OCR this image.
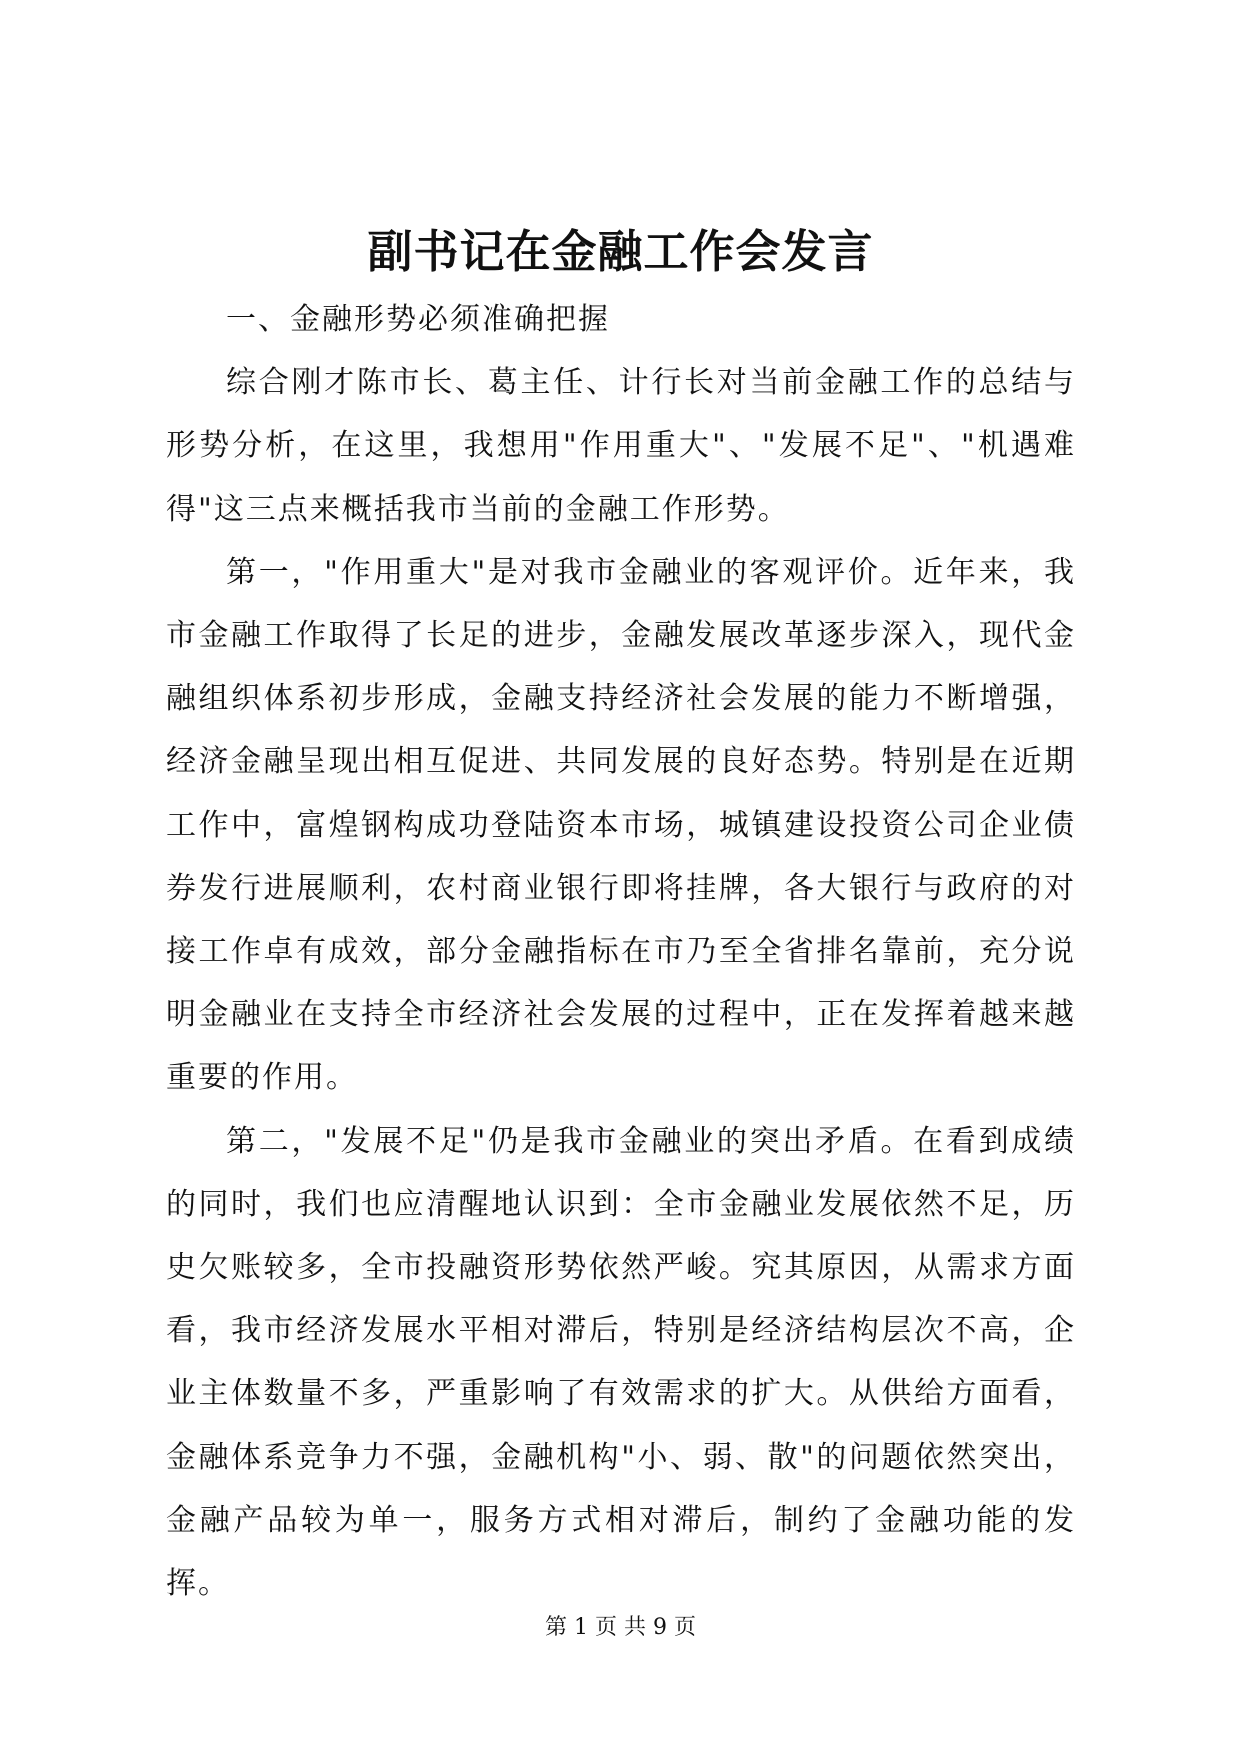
副书记在金融工作会发言

一、金融形势必须准确把握

综合刚才陈市长、葛主任、计行长对当前金融工作的总结与形势分析，在这里，我想用"作用重大"、"发展不足"、"机遇难得"这三点来概括我市当前的金融工作形势。

第一，"作用重大"是对我市金融业的客观评价。近年来，我市金融工作取得了长足的进步，金融发展改革逐步深入，现代金融组织体系初步形成，金融支持经济社会发展的能力不断增强，经济金融呈现出相互促进、共同发展的良好态势。特别是在近期工作中，富煌钢构成功登陆资本市场，城镇建设投资公司企业债券发行进展顺利，农村商业银行即将挂牌，各大银行与政府的对接工作卓有成效，部分金融指标在市乃至全省排名靠前，充分说明金融业在支持全市经济社会发展的过程中，正在发挥着越来越重要的作用。

第二，"发展不足"仍是我市金融业的突出矛盾。在看到成绩的同时，我们也应清醒地认识到：全市金融业发展依然不足，历史欠账较多，全市投融资形势依然严峻。究其原因，从需求方面看，我市经济发展水平相对滞后，特别是经济结构层次不高，企业主体数量不多，严重影响了有效需求的扩大。从供给方面看，金融体系竞争力不强，金融机构"小、弱、散"的问题依然突出，金融产品较为单一，服务方式相对滞后，制约了金融功能的发挥。

第 1 页 共 9 页
